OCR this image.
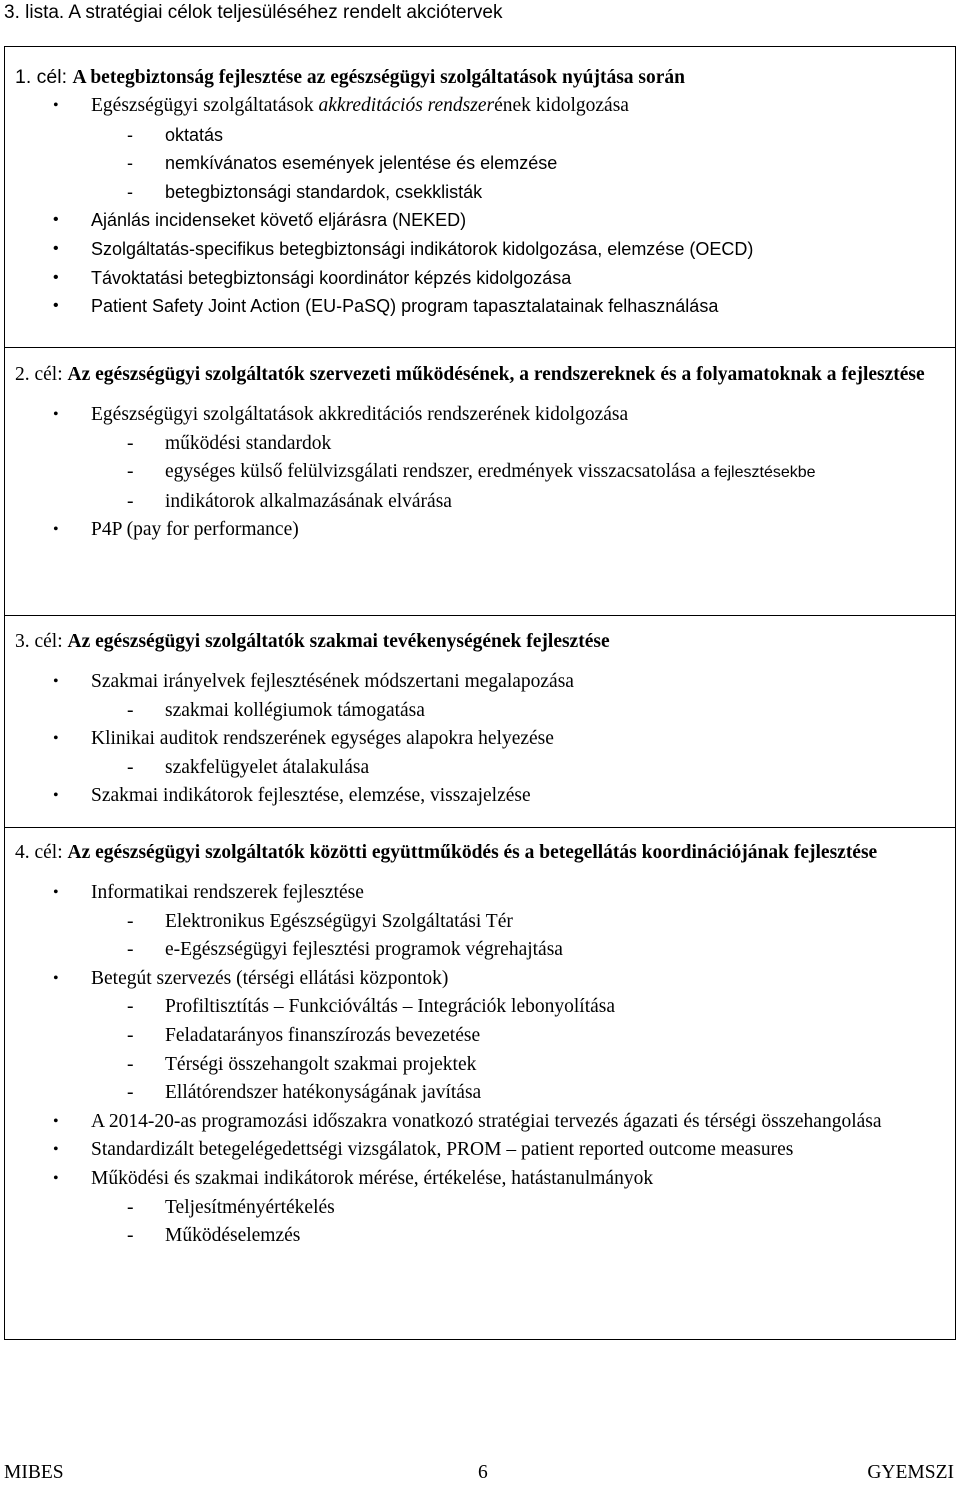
3. lista. A stratégiai célok teljesüléséhez rendelt akciótervek
1. cél: A betegbiztonság fejlesztése az egészségügyi szolgáltatások nyújtása során
• Egészségügyi szolgáltatások akkreditációs rendszerének kidolgozása
- oktatás
- nemkívánatos események jelentése és elemzése
- betegbiztonsági standardok, csekklisták
• Ajánlás incidenseket követő eljárásra (NEKED)
• Szolgáltatás-specifikus betegbiztonsági indikátorok kidolgozása, elemzése (OECD)
• Távoktatási betegbiztonsági koordinátor képzés kidolgozása
• Patient Safety Joint Action (EU-PaSQ) program tapasztalatainak felhasználása
2. cél: Az egészségügyi szolgáltatók szervezeti működésének, a rendszereknek és a folyamatoknak a fejlesztése
• Egészségügyi szolgáltatások akkreditációs rendszerének kidolgozása
- működési standardok
- egységes külső felülvizsgálati rendszer, eredmények visszacsatolása a fejlesztésekbe
- indikátorok alkalmazásának elvárása
• P4P (pay for performance)
3. cél: Az egészségügyi szolgáltatók szakmai tevékenységének fejlesztése
• Szakmai irányelvek fejlesztésének módszertani megalapozása
- szakmai kollégiumok támogatása
• Klinikai auditok rendszerének egységes alapokra helyezése
- szakfelügyelet átalakulása
• Szakmai indikátorok fejlesztése, elemzése, visszajelzése
4. cél: Az egészségügyi szolgáltatók közötti együttműködés és a betegellátás koordinációjának fejlesztése
• Informatikai rendszerek fejlesztése
- Elektronikus Egészségügyi Szolgáltatási Tér
- e-Egészségügyi fejlesztési programok végrehajtása
• Betegút szervezés (térségi ellátási központok)
- Profiltisztítás – Funkcióváltás – Integrációk lebonyolítása
- Feladatarányos finanszírozás bevezetése
- Térségi összehangolt szakmai projektek
- Ellátórendszer hatékonyságának javítása
• A 2014-20-as programozási időszakra vonatkozó stratégiai tervezés ágazati és térségi összehangolása
• Standardizált betegelégedettségi vizsgálatok, PROM – patient reported outcome measures
• Működési és szakmai indikátorok mérése, értékelése, hatástanulmányok
- Teljesítményértékelés
- Működéselemzés
MIBES	6	GYEMSZI
